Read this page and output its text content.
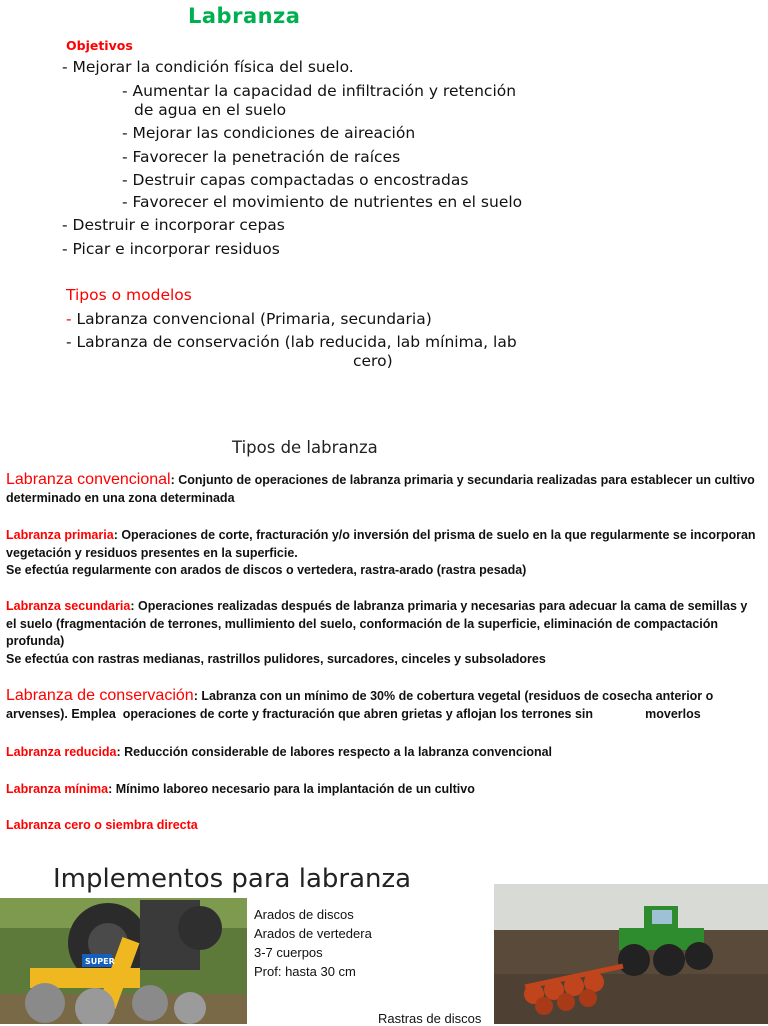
Labranza
Objetivos
- Mejorar la condición física del suelo.
- Aumentar la capacidad de infiltración y retención
de agua en el suelo
- Mejorar las condiciones de aireación
- Favorecer la penetración de raíces
- Destruir capas compactadas o encostradas
- Favorecer el movimiento de nutrientes en el suelo
- Destruir e incorporar cepas
- Picar e incorporar residuos
Tipos o modelos
- Labranza convencional (Primaria, secundaria)
- Labranza de conservación (lab reducida, lab mínima, lab
cero)
Tipos de labranza
Labranza convencional: Conjunto de operaciones de labranza primaria y secundaria realizadas para establecer un cultivo determinado en una zona determinada
Labranza primaria: Operaciones de corte, fracturación y/o inversión del prisma de suelo en la que regularmente se incorporan vegetación y residuos presentes en la superficie.
Se efectúa regularmente con arados de discos o vertedera, rastra-arado (rastra pesada)
Labranza secundaria: Operaciones realizadas después de labranza primaria y necesarias para adecuar la cama de semillas y el suelo (fragmentación de terrones, mullimiento del suelo, conformación de la superficie, eliminación de compactación profunda)
Se efectúa con rastras medianas, rastrillos pulidores, surcadores, cinceles y subsoladores
Labranza de conservación: Labranza con un mínimo de 30% de cobertura vegetal (residuos de cosecha anterior o arvenses). Emplea  operaciones de corte y fracturación que abren grietas y aflojan los terrones sin               moverlos
Labranza reducida: Reducción considerable de labores respecto a la labranza convencional
Labranza mínima: Mínimo laboreo necesario para la implantación de un cultivo
Labranza cero o siembra directa
Implementos para labranza
SUPER
Arados de discos
Arados de vertedera
3-7 cuerpos
Prof: hasta 30 cm
Rastras de discos
